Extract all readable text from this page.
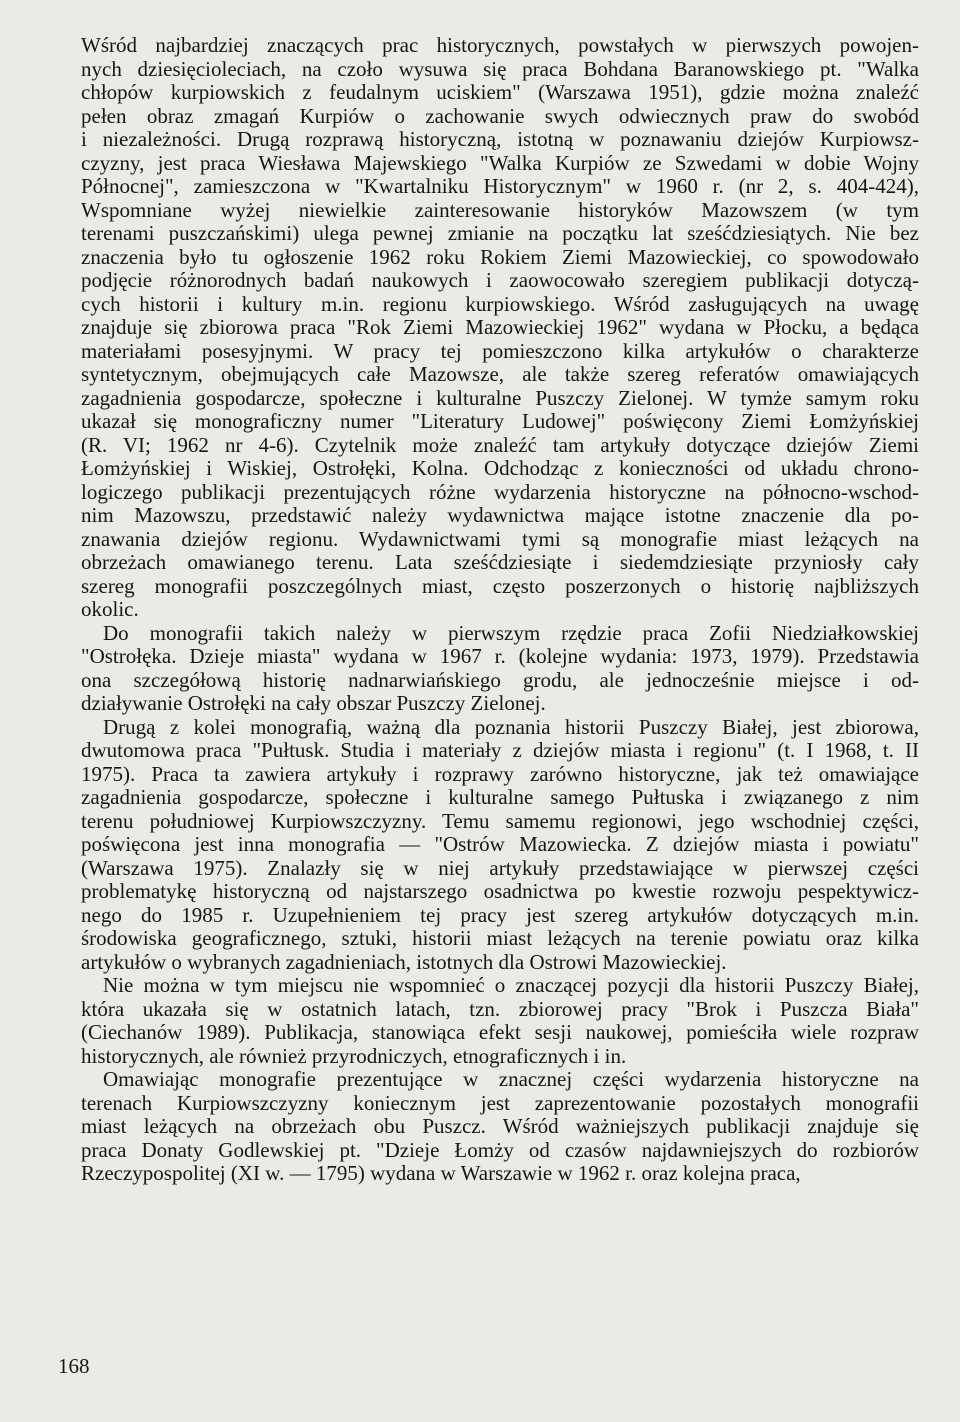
Wśród najbardziej znaczących prac historycznych, powstałych w pierwszych powojen-
nych dziesięcioleciach, na czoło wysuwa się praca Bohdana Baranowskiego pt. "Walka
chłopów kurpiowskich z feudalnym uciskiem" (Warszawa 1951), gdzie można znaleźć
pełen obraz zmagań Kurpiów o zachowanie swych odwiecznych praw do swobód
i niezależności. Drugą rozprawą historyczną, istotną w poznawaniu dziejów Kurpiowsz-
czyzny, jest praca Wiesława Majewskiego "Walka Kurpiów ze Szwedami w dobie Wojny
Północnej", zamieszczona w "Kwartalniku Historycznym" w 1960 r. (nr 2, s. 404-424),
Wspomniane wyżej niewielkie zainteresowanie historyków Mazowszem (w tym
terenami puszczańskimi) ulega pewnej zmianie na początku lat sześćdziesiątych. Nie bez
znaczenia było tu ogłoszenie 1962 roku Rokiem Ziemi Mazowieckiej, co spowodowało
podjęcie różnorodnych badań naukowych i zaowocowało szeregiem publikacji dotyczą-
cych historii i kultury m.in. regionu kurpiowskiego. Wśród zasługujących na uwagę
znajduje się zbiorowa praca "Rok Ziemi Mazowieckiej 1962" wydana w Płocku, a będąca
materiałami posesyjnymi. W pracy tej pomieszczono kilka artykułów o charakterze
syntetycznym, obejmujących całe Mazowsze, ale także szereg referatów omawiających
zagadnienia gospodarcze, społeczne i kulturalne Puszczy Zielonej. W tymże samym roku
ukazał się monograficzny numer "Literatury Ludowej" poświęcony Ziemi Łomżyńskiej
(R. VI; 1962 nr 4-6). Czytelnik może znaleźć tam artykuły dotyczące dziejów Ziemi
Łomżyńskiej i Wiskiej, Ostrołęki, Kolna. Odchodząc z konieczności od układu chrono-
logiczego publikacji prezentujących różne wydarzenia historyczne na północno-wschod-
nim Mazowszu, przedstawić należy wydawnictwa mające istotne znaczenie dla po-
znawania dziejów regionu. Wydawnictwami tymi są monografie miast leżących na
obrzeżach omawianego terenu. Lata sześćdziesiąte i siedemdziesiąte przyniosły cały
szereg monografii poszczególnych miast, często poszerzonych o historię najbliższych
okolic.
Do monografii takich należy w pierwszym rzędzie praca Zofii Niedziałkowskiej
"Ostrołęka. Dzieje miasta" wydana w 1967 r. (kolejne wydania: 1973, 1979). Przedstawia
ona szczegółową historię nadnarwiańskiego grodu, ale jednocześnie miejsce i od-
działywanie Ostrołęki na cały obszar Puszczy Zielonej.
Drugą z kolei monografią, ważną dla poznania historii Puszczy Białej, jest zbiorowa,
dwutomowa praca "Pułtusk. Studia i materiały z dziejów miasta i regionu" (t. I 1968, t. II
1975). Praca ta zawiera artykuły i rozprawy zarówno historyczne, jak też omawiające
zagadnienia gospodarcze, społeczne i kulturalne samego Pułtuska i związanego z nim
terenu południowej Kurpiowszczyzny. Temu samemu regionowi, jego wschodniej części,
poświęcona jest inna monografia — "Ostrów Mazowiecka. Z dziejów miasta i powiatu"
(Warszawa 1975). Znalazły się w niej artykuły przedstawiające w pierwszej części
problematykę historyczną od najstarszego osadnictwa po kwestie rozwoju pespektywicz-
nego do 1985 r. Uzupełnieniem tej pracy jest szereg artykułów dotyczących m.in.
środowiska geograficznego, sztuki, historii miast leżących na terenie powiatu oraz kilka
artykułów o wybranych zagadnieniach, istotnych dla Ostrowi Mazowieckiej.
Nie można w tym miejscu nie wspomnieć o znaczącej pozycji dla historii Puszczy Białej,
która ukazała się w ostatnich latach, tzn. zbiorowej pracy "Brok i Puszcza Biała"
(Ciechanów 1989). Publikacja, stanowiąca efekt sesji naukowej, pomieściła wiele rozpraw
historycznych, ale również przyrodniczych, etnograficznych i in.
Omawiając monografie prezentujące w znacznej części wydarzenia historyczne na
terenach Kurpiowszczyzny koniecznym jest zaprezentowanie pozostałych monografii
miast leżących na obrzeżach obu Puszcz. Wśród ważniejszych publikacji znajduje się
praca Donaty Godlewskiej pt. "Dzieje Łomży od czasów najdawniejszych do rozbiorów
Rzeczypospolitej (XI w. — 1795) wydana w Warszawie w 1962 r. oraz kolejna praca,
168
